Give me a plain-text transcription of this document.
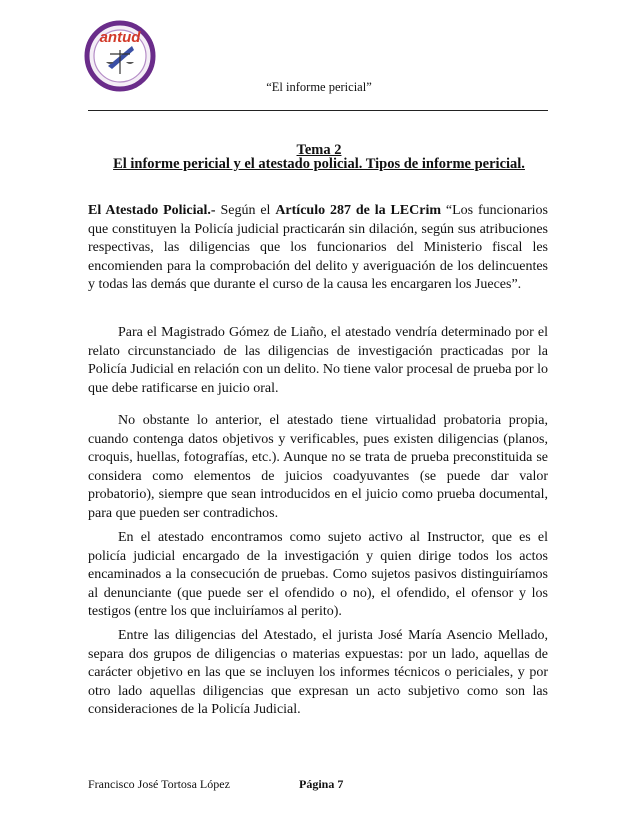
antud
“El informe pericial”
Tema 2
El informe pericial y el atestado policial. Tipos de informe pericial.

El Atestado Policial.- Según el Artículo 287 de la LECrim “Los funcionarios que constituyen la Policía judicial practicarán sin dilación, según sus atribuciones respectivas, las diligencias que los funcionarios del Ministerio fiscal les encomienden para la comprobación del delito y averiguación de los delincuentes y todas las demás que durante el curso de la causa les encargaren los Jueces”.

Para el Magistrado Gómez de Liaño, el atestado vendría determinado por el relato circunstanciado de las diligencias de investigación practicadas por la Policía Judicial en relación con un delito. No tiene valor procesal de prueba por lo que debe ratificarse en juicio oral.

No obstante lo anterior, el atestado tiene virtualidad probatoria propia, cuando contenga datos objetivos y verificables, pues existen diligencias (planos, croquis, huellas, fotografías, etc.). Aunque no se trata de prueba preconstituida se considera como elementos de juicios coadyuvantes (se puede dar valor probatorio), siempre que sean introducidos en el juicio como prueba documental, para que pueden ser contradichos.

En el atestado encontramos como sujeto activo al Instructor, que es el policía judicial encargado de la investigación y quien dirige todos los actos encaminados a la consecución de pruebas. Como sujetos pasivos distinguiríamos al denunciante (que puede ser el ofendido o no), el ofendido, el ofensor y los testigos (entre los que incluiríamos al perito).

Entre las diligencias del Atestado, el jurista José María Asencio Mellado, separa dos grupos de diligencias o materias expuestas: por un lado, aquellas de carácter objetivo en las que se incluyen los informes técnicos o periciales, y por otro lado aquellas diligencias que expresan un acto subjetivo como son las consideraciones de la Policía Judicial.

Francisco José Tortosa López	Página 7
